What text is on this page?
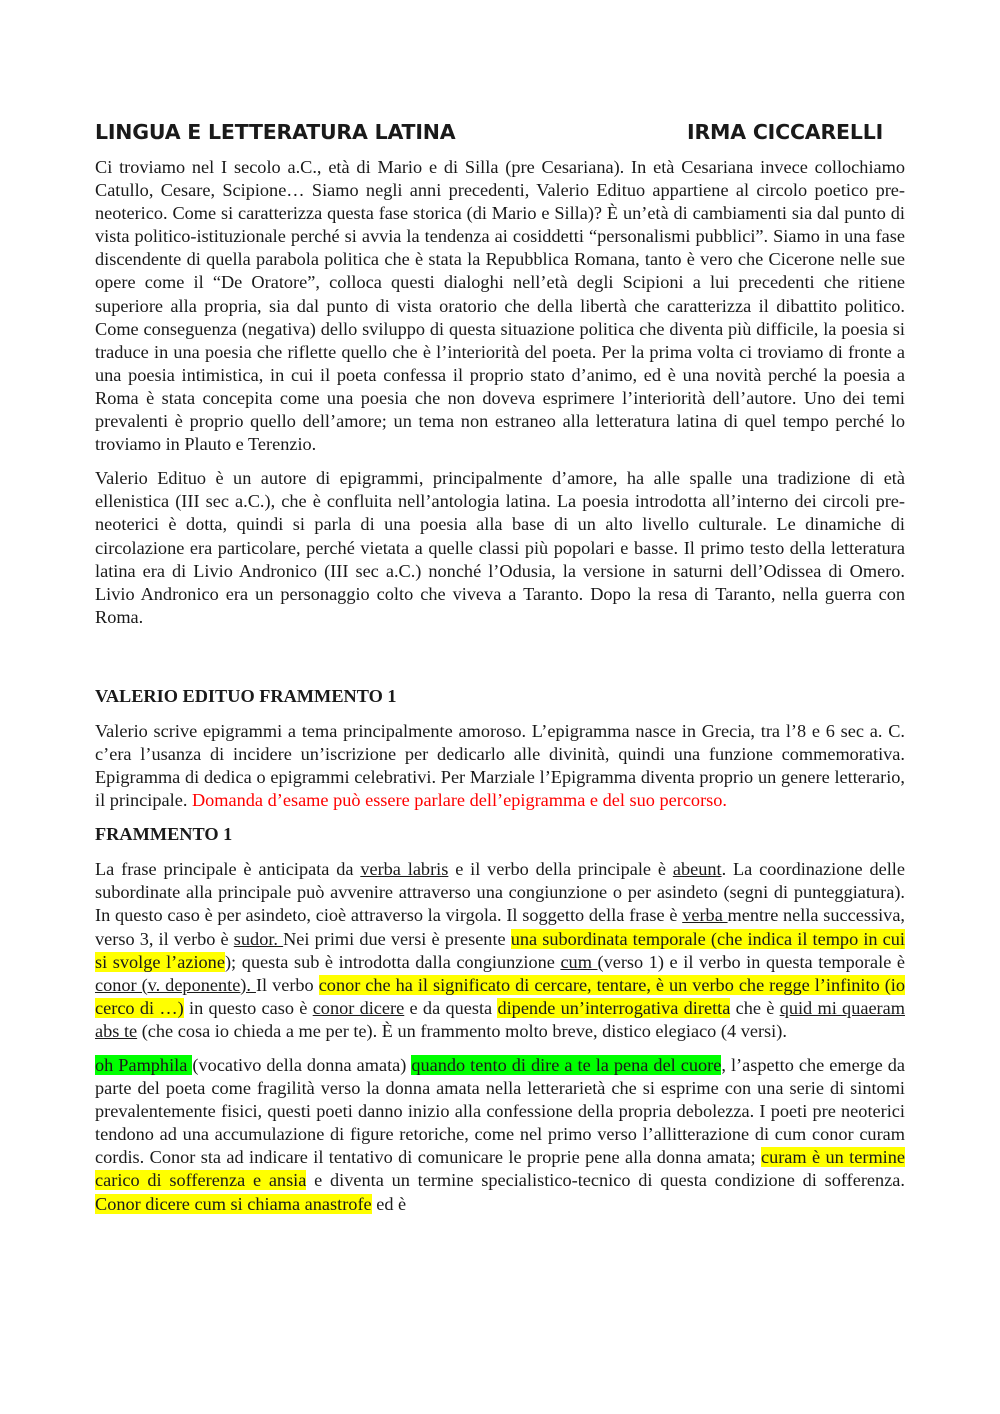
LINGUA E LETTERATURA LATINA	IRMA CICCARELLI

Ci troviamo nel I secolo a.C., età di Mario e di Silla (pre Cesariana). In età Cesariana invece collochiamo Catullo, Cesare, Scipione… Siamo negli anni precedenti, Valerio Edituo appartiene al circolo poetico pre- neoterico. Come si caratterizza questa fase storica (di Mario e Silla)? È un’età di cambiamenti sia dal punto di vista politico-istituzionale perché si avvia la tendenza ai cosiddetti “personalismi pubblici”. Siamo in una fase discendente di quella parabola politica che è stata la Repubblica Romana, tanto è vero che Cicerone nelle sue opere come il “De Oratore”, colloca questi dialoghi nell’età degli Scipioni a lui precedenti che ritiene superiore alla propria, sia dal punto di vista oratorio che della libertà che caratterizza il dibattito politico. Come conseguenza (negativa) dello sviluppo di questa situazione politica che diventa più difficile, la poesia si traduce in una poesia che riflette quello che è l’interiorità del poeta. Per la prima volta ci troviamo di fronte a una poesia intimistica, in cui il poeta confessa il proprio stato d’animo, ed è una novità perché la poesia a Roma è stata concepita come una poesia che non doveva esprimere l’interiorità dell’autore. Uno dei temi prevalenti è proprio quello dell’amore; un tema non estraneo alla letteratura latina di quel tempo perché lo troviamo in Plauto e Terenzio.

Valerio Edituo è un autore di epigrammi, principalmente d’amore, ha alle spalle una tradizione di età ellenistica (III sec a.C.), che è confluita nell’antologia latina. La poesia introdotta all’interno dei circoli pre- neoterici è dotta, quindi si parla di una poesia alla base di un alto livello culturale. Le dinamiche di circolazione era particolare, perché vietata a quelle classi più popolari e basse. Il primo testo della letteratura latina era di Livio Andronico (III sec a.C.) nonché l’Odusia, la versione in saturni dell’Odissea di Omero. Livio Andronico era un personaggio colto che viveva a Taranto. Dopo la resa di Taranto, nella guerra con Roma.

VALERIO EDITUO FRAMMENTO 1

Valerio scrive epigrammi a tema principalmente amoroso. L’epigramma nasce in Grecia, tra l’8 e 6 sec a. C. c’era l’usanza di incidere un’iscrizione per dedicarlo alle divinità, quindi una funzione commemorativa. Epigramma di dedica o epigrammi celebrativi. Per Marziale l’Epigramma diventa proprio un genere letterario, il principale. Domanda d’esame può essere parlare dell’epigramma e del suo percorso.

FRAMMENTO 1

La frase principale è anticipata da verba labris e il verbo della principale è abeunt. La coordinazione delle subordinate alla principale può avvenire attraverso una congiunzione o per asindeto (segni di punteggiatura). In questo caso è per asindeto, cioè attraverso la virgola. Il soggetto della frase è verba mentre nella successiva, verso 3, il verbo è sudor. Nei primi due versi è presente una subordinata temporale (che indica il tempo in cui si svolge l’azione); questa sub è introdotta dalla congiunzione cum (verso 1) e il verbo in questa temporale è conor (v. deponente). Il verbo conor che ha il significato di cercare, tentare, è un verbo che regge l’infinito (io cerco di …) in questo caso è conor dicere e da questa dipende un’interrogativa diretta che è quid mi quaeram abs te (che cosa io chieda a me per te). È un frammento molto breve, distico elegiaco (4 versi).

oh Pamphila (vocativo della donna amata) quando tento di dire a te la pena del cuore, l’aspetto che emerge da parte del poeta come fragilità verso la donna amata nella letterarietà che si esprime con una serie di sintomi prevalentemente fisici, questi poeti danno inizio alla confessione della propria debolezza. I poeti pre neoterici tendono ad una accumulazione di figure retoriche, come nel primo verso l’allitterazione di cum conor curam cordis. Conor sta ad indicare il tentativo di comunicare le proprie pene alla donna amata; curam è un termine carico di sofferenza e ansia e diventa un termine specialistico-tecnico di questa condizione di sofferenza. Conor dicere cum si chiama anastrofe ed è
